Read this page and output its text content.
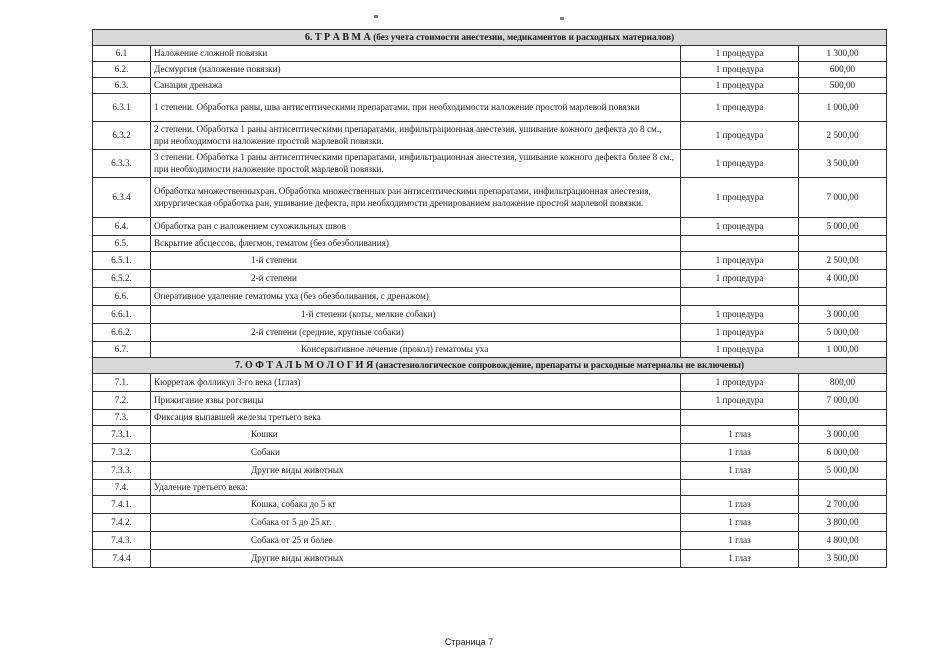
6. Т Р А В М А (без учета стоимости анестезии, медикаментов и расходных материалов)			
6.1	Наложение сложной повязки	1 процедура	1 300,00
6.2.	Десмургия (наложение повязки)	1 процедура	600,00
6.3.	Санация дренажа	1 процедура	500,00
6.3.1	1 степени. Обработка раны, шва антисептическими препаратами, при необходимости наложение простой марлевой повязки	1 процедура	1 000,00
6.3.2	2 степени. Обработка 1 раны антисептическими препаратами, инфильтрационная анестезия, ушивание кожного дефекта до 8 см., при необходимости наложение простой марлевой повязки.	1 процедура	2 500,00
6.3.3.	3 степени. Обработка 1 раны антисептическими препаратами, инфильтрационная анестезия, ушивание кожного дефекта более 8 см., при необходимости наложение простой марлевой повязки.	1 процедура	3 500,00
6.3.4	Обработка множественныхран. Обработка множественных ран антисептическими препаратами, инфильтрационная анестезия, хирургическая обработка ран, ушивание дефекта, при необходимости дренированием наложение простой марлевой повязки.	1 процедура	7 000,00
6.4.	Обработка ран с наложением сухожильных швов	1 процедура	5 000,00
6.5.	Вскрытие абсцессов, флегмон, гематом (без обезболивания)		
6.5.1.	1-й степени	1 процедура	2 500,00
6.5.2.	2-й степени	1 процедура	4 000,00
6.6.	Оперативное удаление гематомы уха (без обезболивания, с дренажом)		
6.6.1.	1-й степени (коты, мелкие собаки)	1 процедура	3 000,00
6.6.2.	2-й степени (средние, крупные собаки)	1 процедура	5 000,00
6.7.	Консервативное лечение (прокол) гематомы уха	1 процедура	1 000,00
7. О Ф Т А Л Ь М О Л О Г И Я (анастезиологическое сопровождение, препараты и расходные материалы не включены)			
7.1.	Кюрретаж фолликул 3-го века (1глаз)	1 процедура	800,00
7.2.	Прижигание язвы рогсвицы	1 процедура	7 000,00
7.3.	Фиксация выпавшей железы третьего века		
7.3.1.	Кошки	1 глаз	3 000,00
7.3.2.	Собаки	1 глаз	6 000,00
7.3.3.	Другие виды животных	1 глаз	5 000,00
7.4.	Удаление третьего века:		
7.4.1.	Кошка, собака до 5 кг	1 глаз	2 700,00
7.4.2.	Собака от 5 до 25 кг.	1 глаз	3 800,00
7.4.3.	Собака от 25 и более	1 глаз	4 800,00
7.4.4	Другие виды животных	1 глаз	3 500,00
Страница 7
